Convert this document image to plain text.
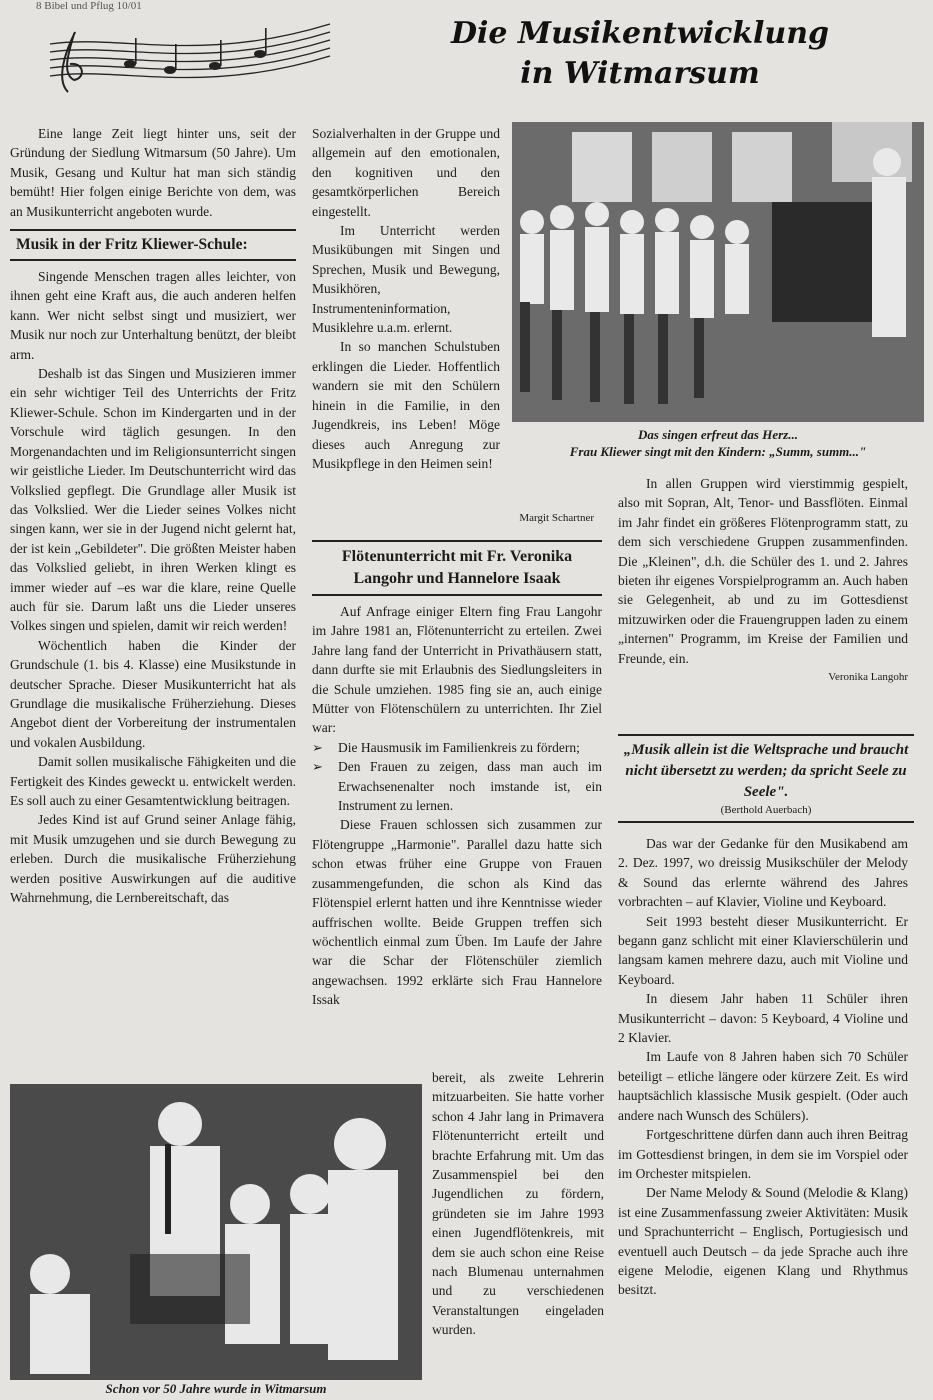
8 Bibel und Pflug 10/01
Die Musikentwicklung
in Witmarsum

Eine lange Zeit liegt hinter uns, seit der Gründung der Siedlung Witmarsum (50 Jahre). Um Musik, Gesang und Kultur hat man sich ständig bemüht! Hier folgen einige Berichte von dem, was an Musikunterricht angeboten wurde.

Musik in der Fritz Kliewer-Schule:

Singende Menschen tragen alles leichter, von ihnen geht eine Kraft aus, die auch anderen helfen kann. Wer nicht selbst singt und musiziert, wer Musik nur noch zur Unterhaltung benützt, der bleibt arm.

Deshalb ist das Singen und Musizieren immer ein sehr wichtiger Teil des Unterrichts der Fritz Kliewer-Schule. Schon im Kindergarten und in der Vorschule wird täglich gesungen. In den Morgenandachten und im Religionsunterricht singen wir geistliche Lieder. Im Deutschunterricht wird das Volkslied gepflegt. Die Grundlage aller Musik ist das Volkslied. Wer die Lieder seines Volkes nicht singen kann, wer sie in der Jugend nicht gelernt hat, der ist kein „Gebildeter". Die größten Meister haben das Volkslied geliebt, in ihren Werken klingt es immer wieder auf –es war die klare, reine Quelle auch für sie. Darum laßt uns die Lieder unseres Volkes singen und spielen, damit wir reich werden!

Wöchentlich haben die Kinder der Grundschule (1. bis 4. Klasse) eine Musikstunde in deutscher Sprache. Dieser Musikunterricht hat als Grundlage die musikalische Früherziehung. Dieses Angebot dient der Vorbereitung der instrumentalen und vokalen Ausbildung.

Damit sollen musikalische Fähigkeiten und die Fertigkeit des Kindes geweckt u. entwickelt werden. Es soll auch zu einer Gesamtentwicklung beitragen.

Jedes Kind ist auf Grund seiner Anlage fähig, mit Musik umzugehen und sie durch Bewegung zu erleben. Durch die musikalische Früherziehung werden positive Auswirkungen auf die auditive Wahrnehmung, die Lernbereitschaft, das

Sozialverhalten in der Gruppe und allgemein auf den emotionalen, den kognitiven und den gesamtkörperlichen Bereich eingestellt.

Im Unterricht werden Musikübungen mit Singen und Sprechen, Musik und Bewegung, Musikhören, Instrumenteninformation, Musiklehre u.a.m. erlernt.

In so manchen Schulstuben erklingen die Lieder. Hoffentlich wandern sie mit den Schülern hinein in die Familie, in den Jugendkreis, ins Leben! Möge dieses auch Anregung zur Musikpflege in den Heimen sein!

Das singen erfreut das Herz...
Frau Kliewer singt mit den Kindern: „Summ, summ..."
Margit Schartner
Flötenunterricht mit Fr. Veronika Langohr und Hannelore Isaak

Auf Anfrage einiger Eltern fing Frau Langohr im Jahre 1981 an, Flötenunterricht zu erteilen. Zwei Jahre lang fand der Unterricht in Privathäusern statt, dann durfte sie mit Erlaubnis des Siedlungsleiters in die Schule umziehen. 1985 fing sie an, auch einige Mütter von Flötenschülern zu unterrichten. Ihr Ziel war:

➢	Die Hausmusik im Familienkreis zu fördern;
➢	Den Frauen zu zeigen, dass man auch im Erwachsenenalter noch imstande ist, ein Instrument zu lernen.

Diese Frauen schlossen sich zusammen zur Flötengruppe „Harmonie". Parallel dazu hatte sich schon etwas früher eine Gruppe von Frauen zusammengefunden, die schon als Kind das Flötenspiel erlernt hatten und ihre Kenntnisse wieder auffrischen wollte. Beide Gruppen treffen sich wöchentlich einmal zum Üben. Im Laufe der Jahre war die Schar der Flötenschüler ziemlich angewachsen. 1992 erklärte sich Frau Hannelore Issak

bereit, als zweite Lehrerin mitzuarbeiten. Sie hatte vorher schon 4 Jahr lang in Primavera Flötenunterricht erteilt und brachte Erfahrung mit. Um das Zusammenspiel bei den Jugendlichen zu fördern, gründeten sie im Jahre 1993 einen Jugendflötenkreis, mit dem sie auch schon eine Reise nach Blumenau unternahmen und zu verschiedenen Veranstaltungen eingeladen wurden.

In allen Gruppen wird vierstimmig gespielt, also mit Sopran, Alt, Tenor- und Bassflöten. Einmal im Jahr findet ein größeres Flötenprogramm statt, zu dem sich verschiedene Gruppen zusammenfinden. Die „Kleinen", d.h. die Schüler des 1. und 2. Jahres bieten ihr eigenes Vorspielprogramm an. Auch haben sie Gelegenheit, ab und zu im Gottesdienst mitzuwirken oder die Frauengruppen laden zu einem „internen" Programm, im Kreise der Familien und Freunde, ein.

Veronika Langohr
„Musik allein ist die Weltsprache und braucht nicht übersetzt zu werden; da spricht Seele zu Seele".
(Berthold Auerbach)

Das war der Gedanke für den Musikabend am 2. Dez. 1997, wo dreissig Musikschüler der Melody & Sound das erlernte während des Jahres vorbrachten – auf Klavier, Violine und Keyboard.

Seit 1993 besteht dieser Musikunterricht. Er begann ganz schlicht mit einer Klavierschülerin und langsam kamen mehrere dazu, auch mit Violine und Keyboard.

In diesem Jahr haben 11 Schüler ihren Musikunterricht – davon: 5 Keyboard, 4 Violine und 2 Klavier.

Im Laufe von 8 Jahren haben sich 70 Schüler beteiligt – etliche längere oder kürzere Zeit. Es wird hauptsächlich klassische Musik gespielt. (Oder auch andere nach Wunsch des Schülers).

Fortgeschrittene dürfen dann auch ihren Beitrag im Gottesdienst bringen, in dem sie im Vorspiel oder im Orchester mitspielen.

Der Name Melody & Sound (Melodie & Klang) ist eine Zusammenfassung zweier Aktivitäten: Musik und Sprachunterricht – Englisch, Portugiesisch und eventuell auch Deutsch – da jede Sprache auch ihre eigene Melodie, eigenen Klang und Rhythmus besitzt.

Schon vor 50 Jahre wurde in Witmarsum
